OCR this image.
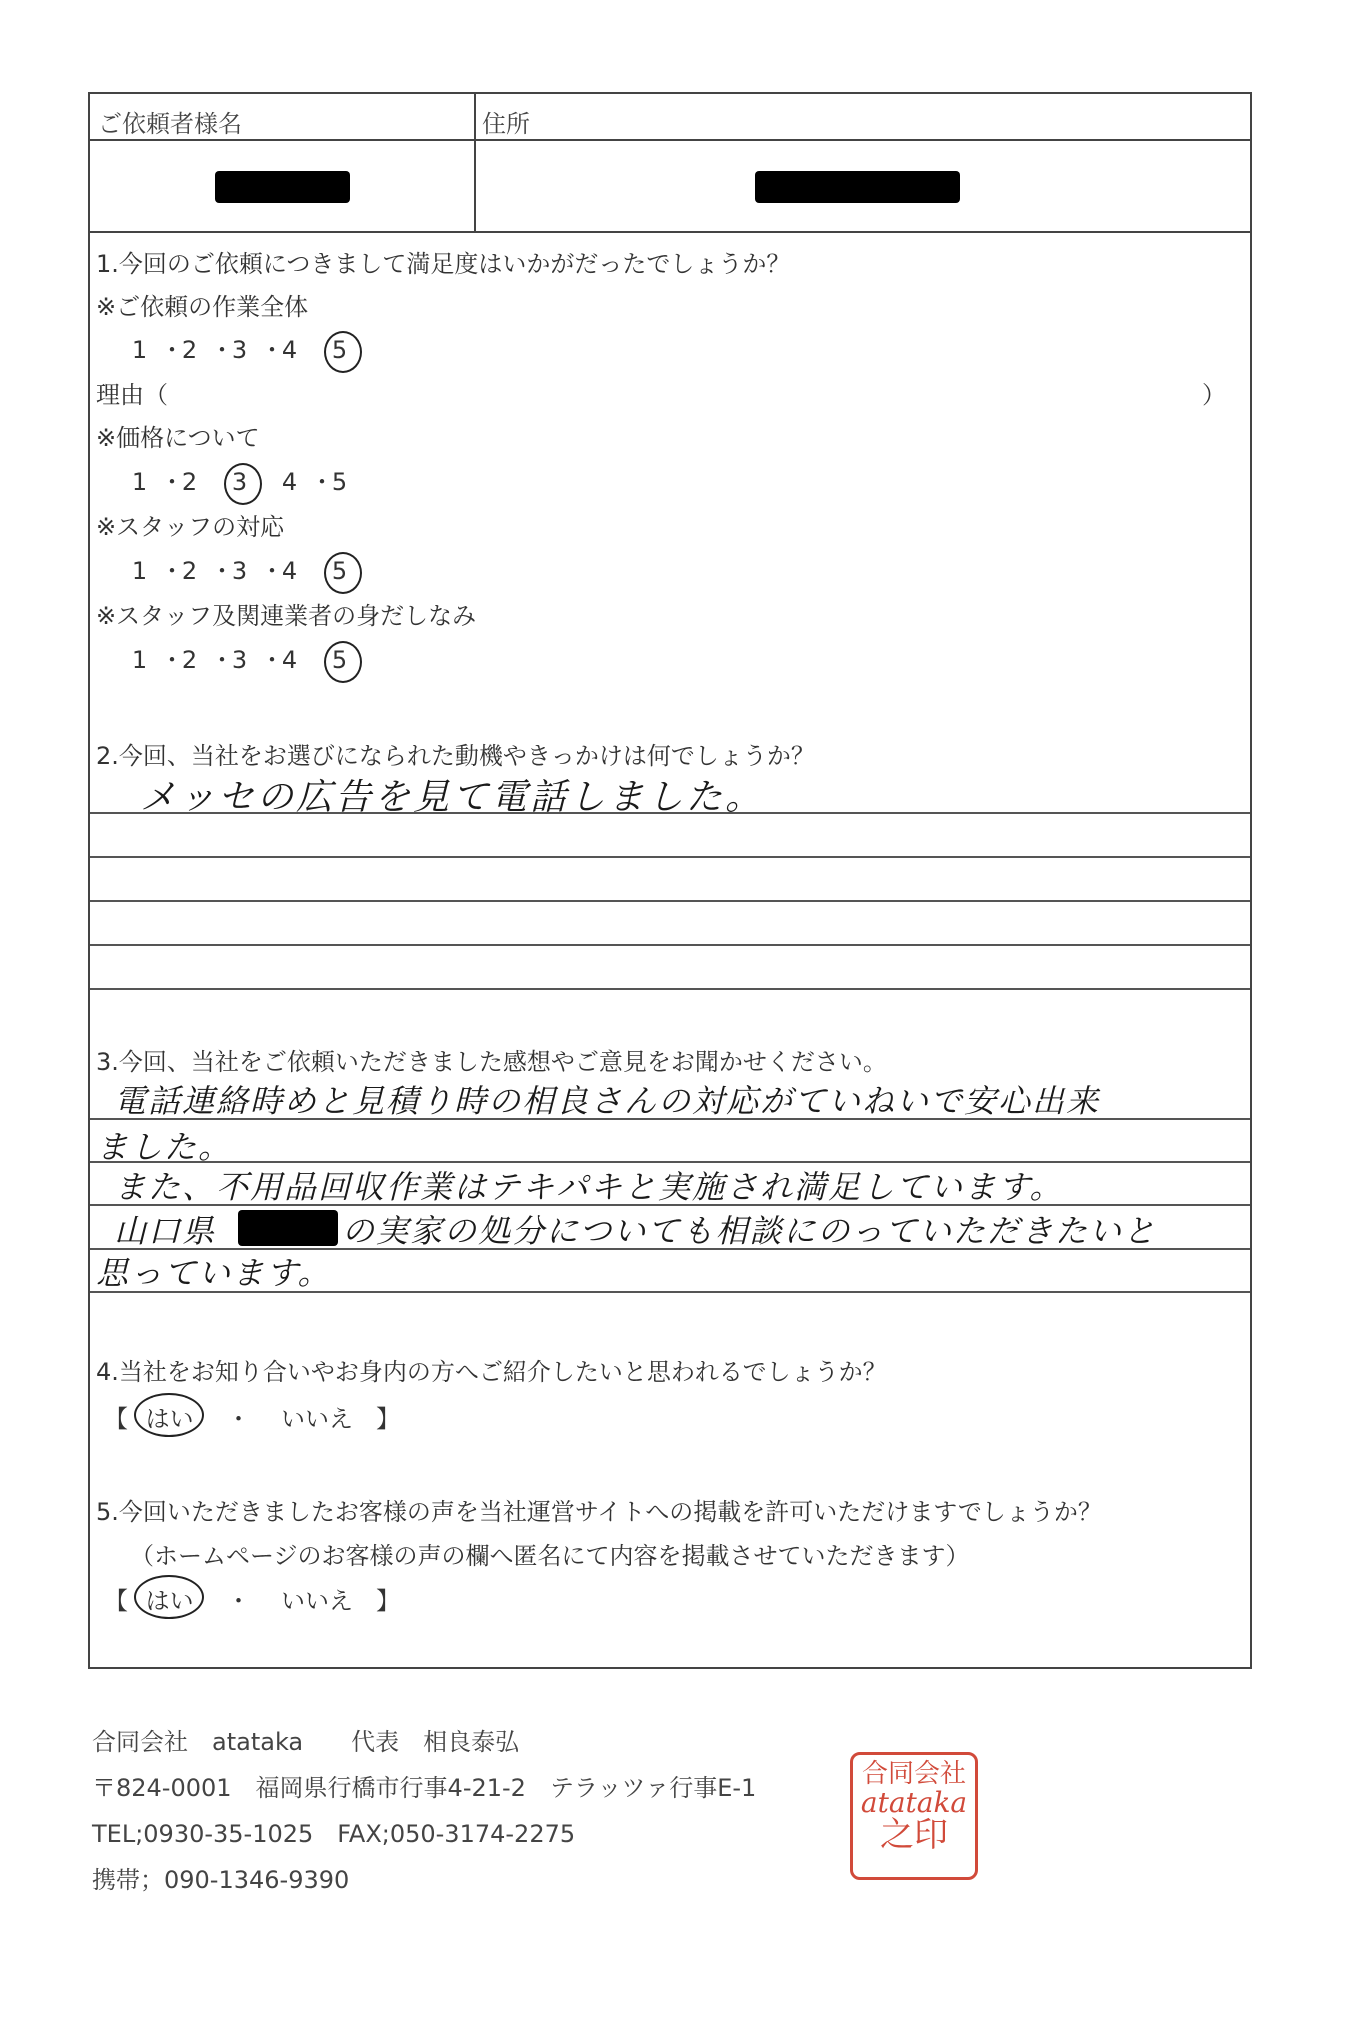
ご依頼者様名	住所
1.今回のご依頼につきまして満足度はいかがだったでしょうか？
※ご依頼の作業全体
1 ・2 ・3 ・4 5
理由（	）
※価格について
1 ・2 3 4 ・5
※スタッフの対応
1 ・2 ・3 ・4 5
※スタッフ及関連業者の身だしなみ
1 ・2 ・3 ・4 5
2.今回、当社をお選びになられた動機やきっかけは何でしょうか？
メッセの広告を見て電話しました。
3.今回、当社をご依頼いただきました感想やご意見をお聞かせください。
電話連絡時めと見積り時の相良さんの対応がていねいで安心出来
ました。
また、不用品回収作業はテキパキと実施され満足しています。
山口県	の実家の処分についても相談にのっていただきたいと
思っています。
4.当社をお知り合いやお身内の方へご紹介したいと思われるでしょうか？
【 はい ・ いいえ 】
5.今回いただきましたお客様の声を当社運営サイトへの掲載を許可いただけますでしょうか？
（ホームページのお客様の声の欄へ匿名にて内容を掲載させていただきます）
【 はい ・ いいえ 】
合同会社　atataka　　代表　相良泰弘
〒824-0001　福岡県行橋市行事4-21-2　テラッツァ行事E-1
TEL;0930-35-1025　FAX;050-3174-2275
携帯；090-1346-9390
合同会社
atataka
之印
